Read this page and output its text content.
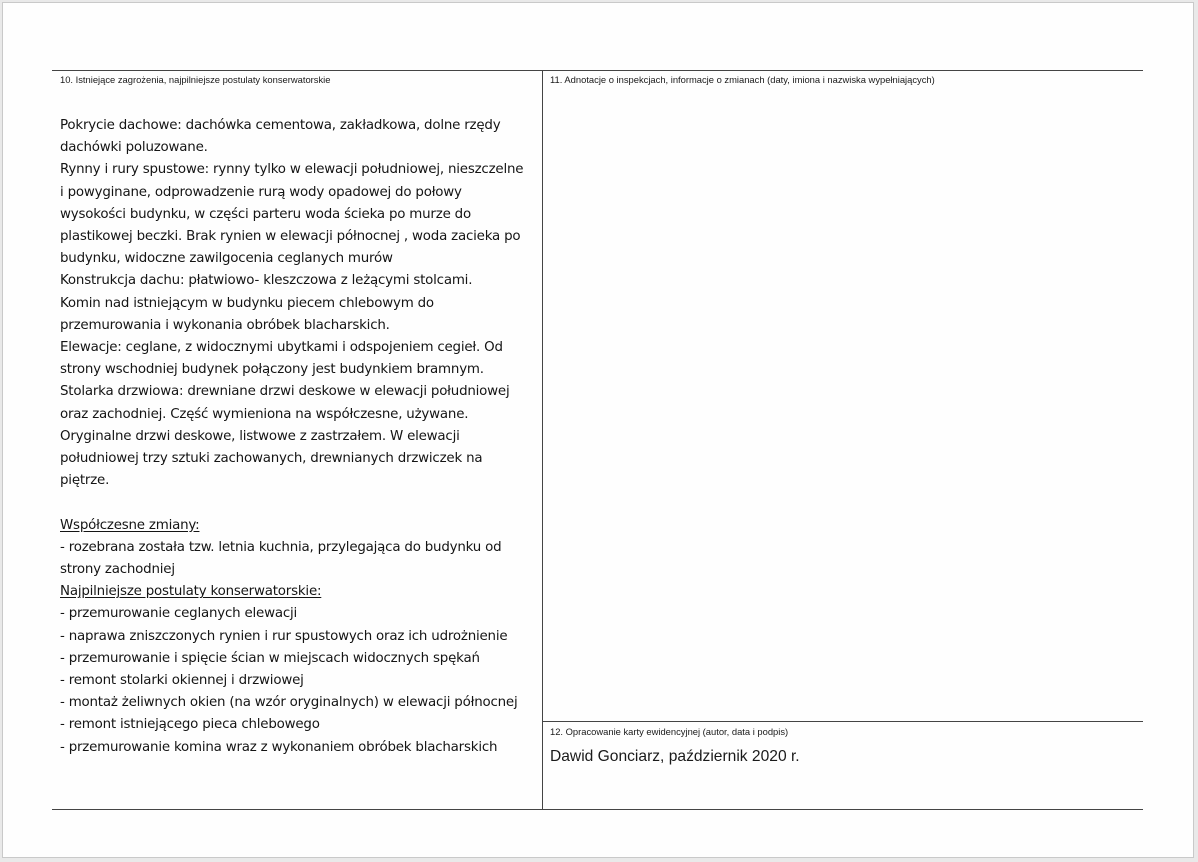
10. Istniejące zagrożenia, najpilniejsze postulaty konserwatorskie	11. Adnotacje o inspekcjach, informacje o zmianach (daty, imiona i nazwiska wypełniających)
12. Opracowanie karty ewidencyjnej (autor, data i podpis)
Pokrycie dachowe: dachówka cementowa, zakładkowa, dolne rzędy
dachówki poluzowane.
Rynny i rury spustowe: rynny tylko w elewacji południowej, nieszczelne
i powyginane, odprowadzenie rurą wody opadowej do połowy
wysokości budynku, w części parteru woda ścieka po murze do
plastikowej beczki. Brak rynien w elewacji północnej , woda zacieka po
budynku, widoczne zawilgocenia ceglanych murów
Konstrukcja dachu: płatwiowo- kleszczowa z leżącymi stolcami.
Komin nad istniejącym w budynku piecem chlebowym do
przemurowania i wykonania obróbek blacharskich.
Elewacje: ceglane, z widocznymi ubytkami i odspojeniem cegieł. Od
strony wschodniej budynek połączony jest budynkiem bramnym.
Stolarka drzwiowa: drewniane drzwi deskowe w elewacji południowej
oraz zachodniej. Część wymieniona na współczesne, używane.
Oryginalne drzwi deskowe, listwowe z zastrzałem. W elewacji
południowej trzy sztuki zachowanych, drewnianych drzwiczek na
piętrze.
Współczesne zmiany:
- rozebrana została tzw. letnia kuchnia, przylegająca do budynku od
strony zachodniej
Najpilniejsze postulaty konserwatorskie:
- przemurowanie ceglanych elewacji
- naprawa zniszczonych rynien i rur spustowych oraz ich udrożnienie
- przemurowanie i spięcie ścian w miejscach widocznych spękań
- remont stolarki okiennej i drzwiowej
- montaż żeliwnych okien (na wzór oryginalnych) w elewacji północnej
- remont istniejącego pieca chlebowego
- przemurowanie komina wraz z wykonaniem obróbek blacharskich
Dawid Gonciarz, październik 2020 r.
